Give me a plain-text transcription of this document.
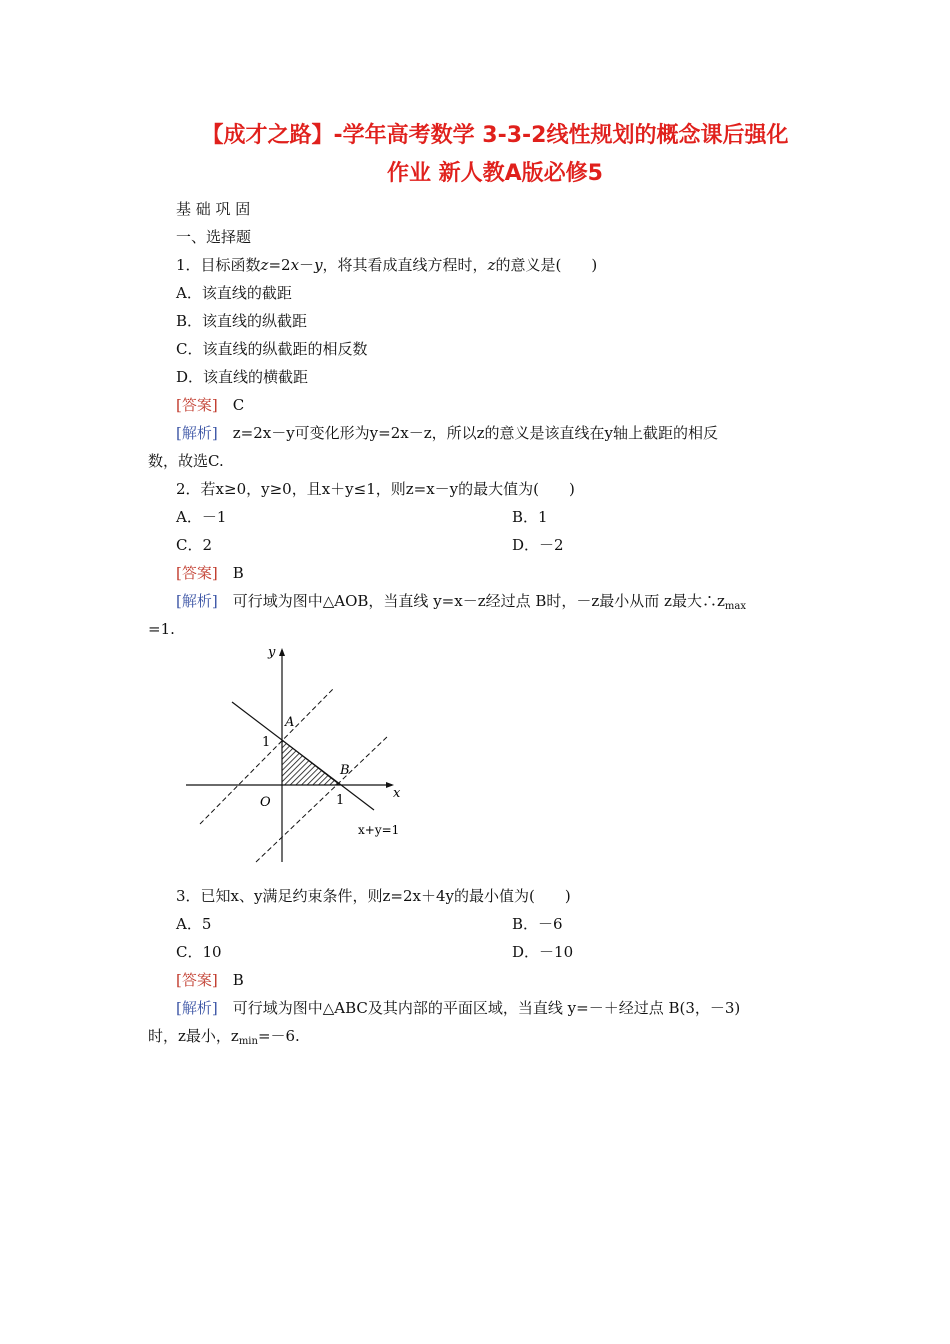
【成才之路】-学年高考数学 3-3-2线性规划的概念课后强化
作业 新人教A版必修5
基 础 巩 固
一、选择题
1．目标函数z=2x－y，将其看成直线方程时，z的意义是(　　)
A．该直线的截距
B．该直线的纵截距
C．该直线的纵截距的相反数
D．该直线的横截距
[答案]　 C
[解析]　 z=2x－y可变化形为y=2x－z，所以z的意义是该直线在y轴上截距的相反
数，故选C.
2．若x≥0，y≥0，且x＋y≤1，则z=x－y的最大值为(　　)
A．－1	B．1
C．2	D．－2
[答案]　 B
[解析]　 可行域为图中△AOB，当直线 y=x－z经过点 B时，－z最小从而 z最大$\therefore z_{max}$
=1.
y
x
A
B
O
1
1
x+y=1
3．已知x、y满足约束条件，则z=2x＋4y的最小值为(　　)
A．5	B．－6
C．10	D．－10
[答案]　 B
[解析]　 可行域为图中△ABC及其内部的平面区域，当直线 y=－＋经过点 B(3，－3)
时，z最小，$z_{min}=-6$.
